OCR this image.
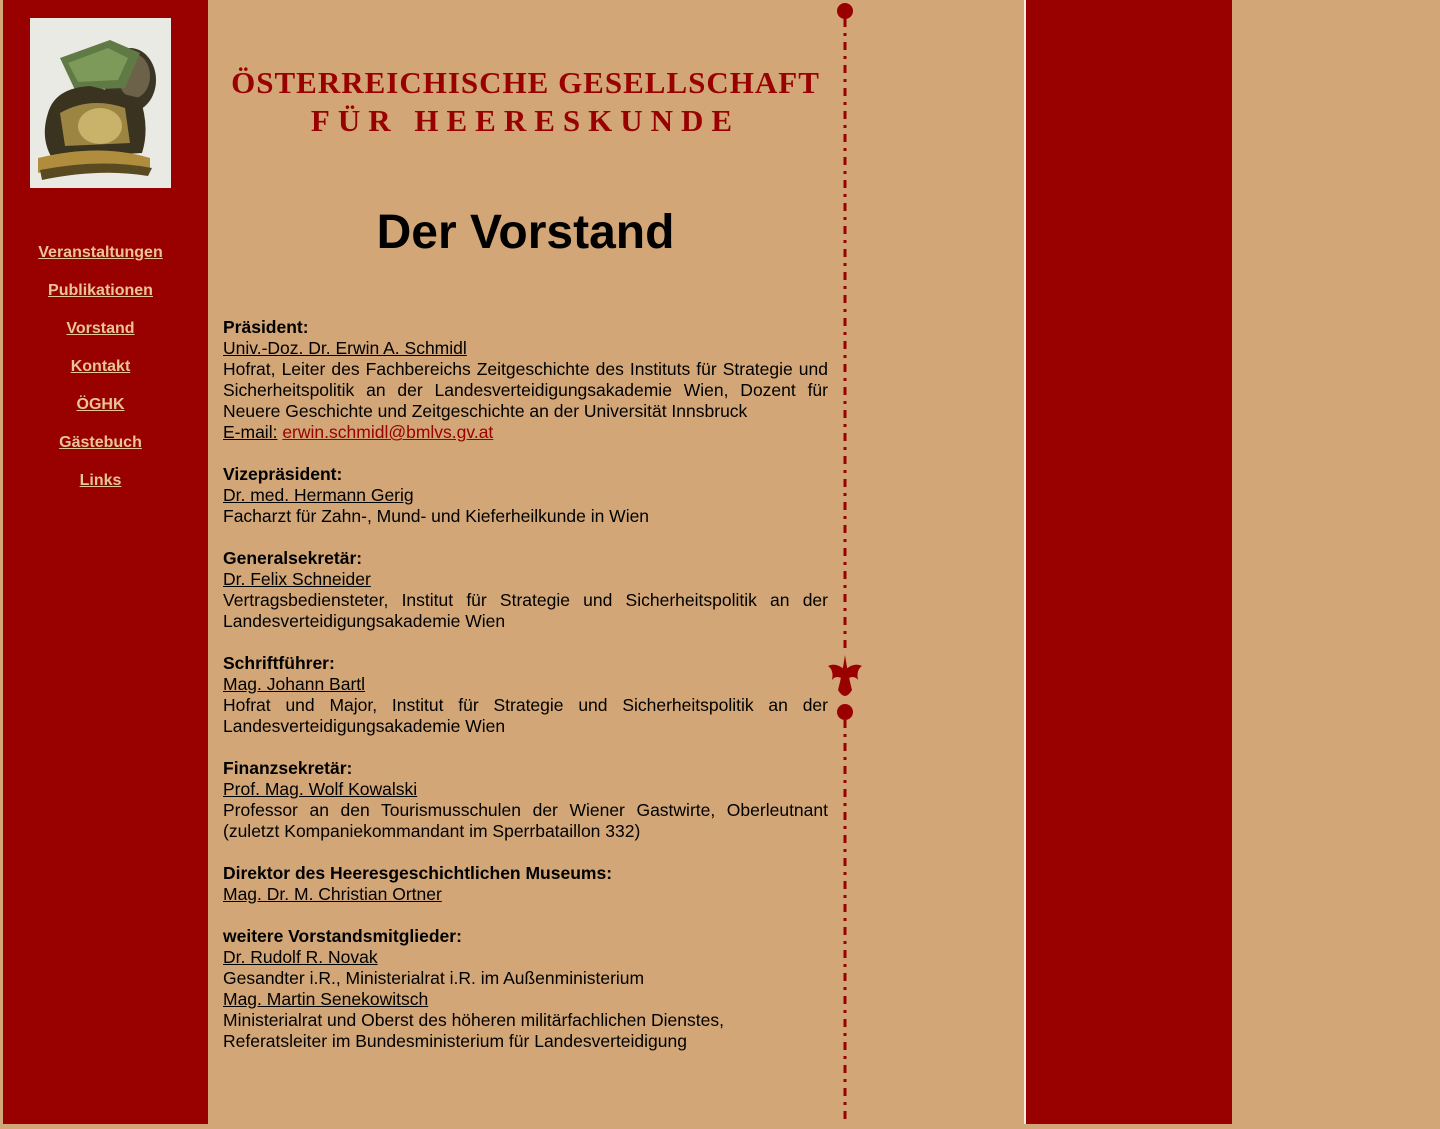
Veranstaltungen
Publikationen
Vorstand
Kontakt
ÖGHK
Gästebuch
Links
ÖSTERREICHISCHE GESELLSCHAFT
FÜR HEERESKUNDE
Der Vorstand
Präsident:
Univ.-Doz. Dr. Erwin A. Schmidl
Hofrat, Leiter des Fachbereichs Zeitgeschichte des Instituts für Strategie und Sicherheitspolitik an der Landesverteidigungsakademie Wien, Dozent für Neuere Geschichte und Zeitgeschichte an der Universität Innsbruck
E-mail: erwin.schmidl@bmlvs.gv.at
Vizepräsident:
Dr. med. Hermann Gerig
Facharzt für Zahn-, Mund- und Kieferheilkunde in Wien
Generalsekretär:
Dr. Felix Schneider
Vertragsbediensteter, Institut für Strategie und Sicherheitspolitik an der Landesverteidigungsakademie Wien
Schriftführer:
Mag. Johann Bartl
Hofrat und Major, Institut für Strategie und Sicherheitspolitik an der Landesverteidigungsakademie Wien
Finanzsekretär:
Prof. Mag. Wolf Kowalski
Professor an den Tourismusschulen der Wiener Gastwirte, Oberleutnant (zuletzt Kompaniekommandant im Sperrbataillon 332)
Direktor des Heeresgeschichtlichen Museums:
Mag. Dr. M. Christian Ortner
weitere Vorstandsmitglieder:
Dr. Rudolf R. Novak
Gesandter i.R., Ministerialrat i.R. im Außenministerium
Mag. Martin Senekowitsch
Ministerialrat und Oberst des höheren militärfachlichen Dienstes,
Referatsleiter im Bundesministerium für Landesverteidigung
